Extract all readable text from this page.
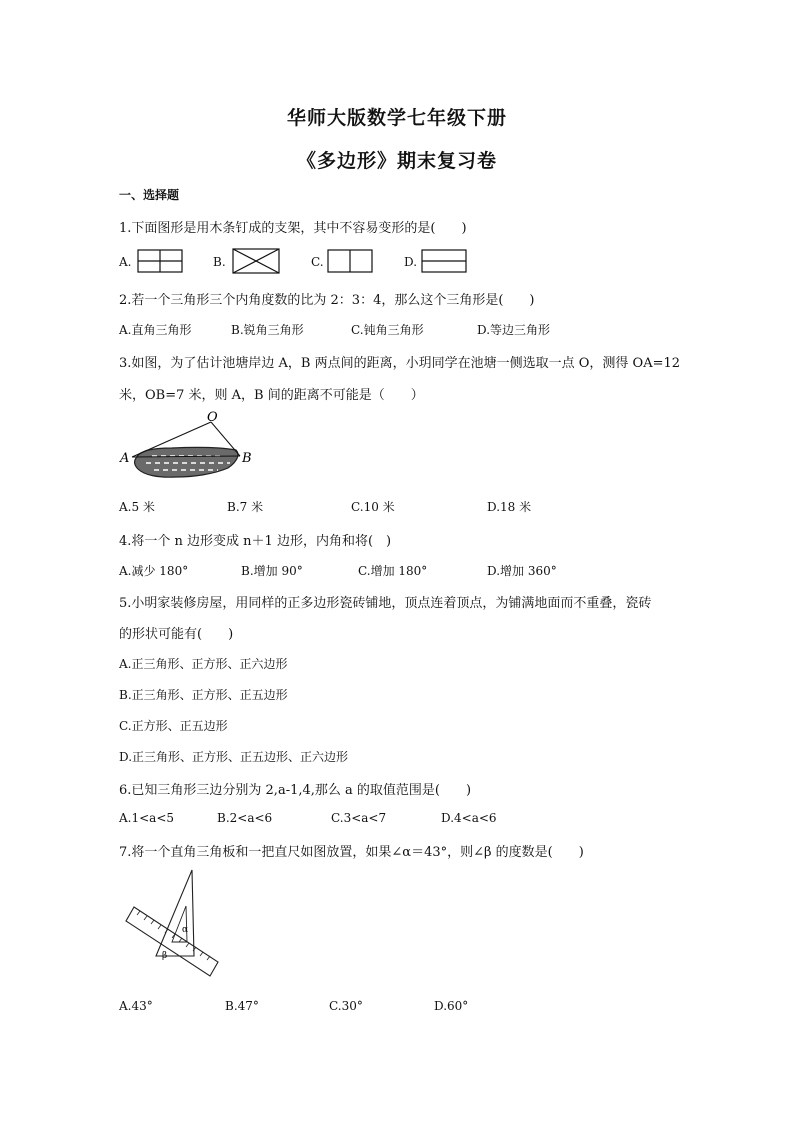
华师大版数学七年级下册
《多边形》期末复习卷
一、选择题
1.下面图形是用木条钉成的支架，其中不容易变形的是(　　)
A.	B.	C.	D.
2.若一个三角形三个内角度数的比为 2：3：4，那么这个三角形是(　　)
A.直角三角形	B.锐角三角形	C.钝角三角形	D.等边三角形
3.如图，为了估计池塘岸边 A，B 两点间的距离，小玥同学在池塘一侧选取一点 O，测得 OA=12
米，OB=7 米，则 A，B 间的距离不可能是（　　）
O
A	B
A.5 米	B.7 米	C.10 米	D.18 米
4.将一个 n 边形变成 n＋1 边形，内角和将(　)
A.减少 180°	B.增加 90°	C.增加 180°	D.增加 360°
5.小明家装修房屋，用同样的正多边形瓷砖铺地，顶点连着顶点，为铺满地面而不重叠，瓷砖
的形状可能有(　　)
A.正三角形、正方形、正六边形
B.正三角形、正方形、正五边形
C.正方形、正五边形
D.正三角形、正方形、正五边形、正六边形
6.已知三角形三边分别为 2,a-1,4,那么 a 的取值范围是(　　)
A.1<a<5	B.2<a<6	C.3<a<7	D.4<a<6
7.将一个直角三角板和一把直尺如图放置，如果∠α＝43°，则∠β 的度数是(　　)
α
β
A.43°	B.47°	C.30°	D.60°
